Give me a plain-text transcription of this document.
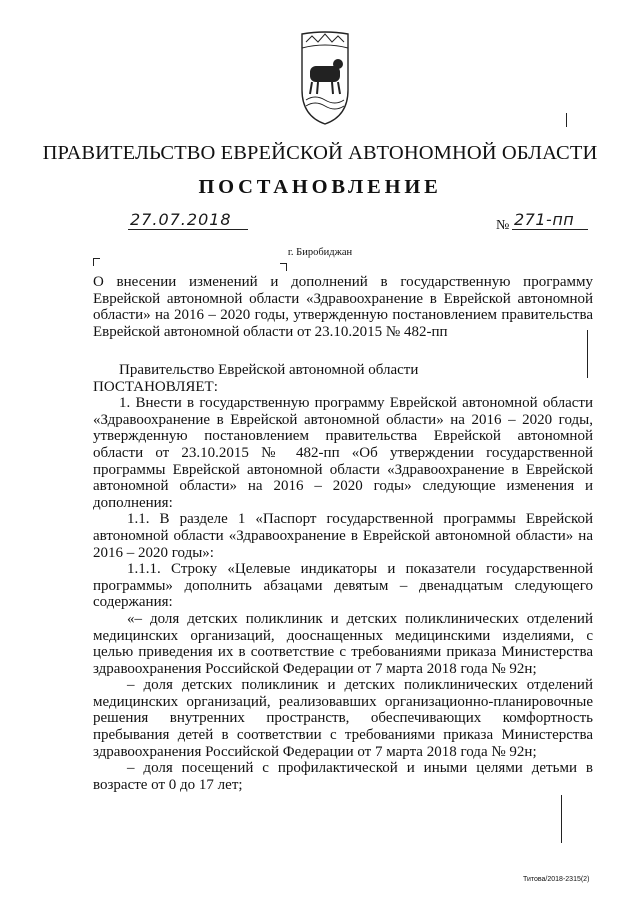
ПРАВИТЕЛЬСТВО ЕВРЕЙСКОЙ АВТОНОМНОЙ ОБЛАСТИ
ПОСТАНОВЛЕНИЕ
27.07.2018	№ 271-пп
г. Биробиджан
О внесении изменений и дополнений в государственную программу Еврейской автономной области «Здравоохранение в Еврейской автономной области» на 2016 – 2020 годы, утвержденную постановлением правительства Еврейской автономной области от 23.10.2015 № 482-пп

Правительство Еврейской автономной области

ПОСТАНОВЛЯЕТ:

1. Внести в государственную программу Еврейской автономной области «Здравоохранение в Еврейской автономной области» на 2016 – 2020 годы, утвержденную постановлением правительства Еврейской автономной области от 23.10.2015 № 482-пп «Об утверждении государственной программы Еврейской автономной области «Здравоохранение в Еврейской автономной области» на 2016 – 2020 годы» следующие изменения и дополнения:

1.1. В разделе 1 «Паспорт государственной программы Еврейской автономной области «Здравоохранение в Еврейской автономной области» на 2016 – 2020 годы»:

1.1.1. Строку «Целевые индикаторы и показатели государственной программы» дополнить абзацами девятым – двенадцатым следующего содержания:

«– доля детских поликлиник и детских поликлинических отделений медицинских организаций, дооснащенных медицинскими изделиями, с целью приведения их в соответствие с требованиями приказа Министерства здравоохранения Российской Федерации от 7 марта 2018 года № 92н;

– доля детских поликлиник и детских поликлинических отделений медицинских организаций, реализовавших организационно-планировочные решения внутренних пространств, обеспечивающих комфортность пребывания детей в соответствии с требованиями приказа Министерства здравоохранения Российской Федерации от 7 марта 2018 года № 92н;

– доля посещений с профилактической и иными целями детьми в возрасте от 0 до 17 лет;

Титова/2018-2315(2)
